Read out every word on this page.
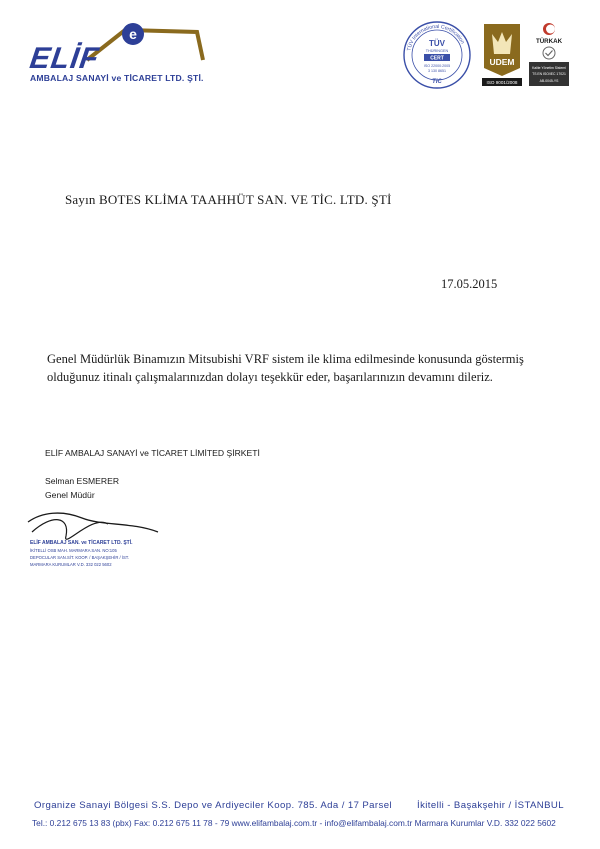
e
ELİF
AMBALAJ SANAYİ ve TİCARET LTD. ŞTİ.
TÜV International Certification
TÜV
THÜRINGEN
CERT
ISO 22000:2005
3 130 8651
TIC
UDEM
ISO 9001/2008
TÜRKAK
Kalite Yönetim Sistemi
TS EN ISO/IEC 17021
AB-0045-YS
Sayın BOTES KLİMA TAAHHÜT SAN. VE TİC. LTD. ŞTİ
17.05.2015
Genel Müdürlük Binamızın Mitsubishi VRF sistem ile klima edilmesinde konusunda göstermiş olduğunuz itinalı çalışmalarınızdan dolayı teşekkür eder, başarılarınızın devamını dileriz.
ELİF AMBALAJ SANAYİ ve TİCARET LİMİTED ŞİRKETİ
Selman ESMERER
Genel Müdür
ELİF AMBALAJ SAN. ve TİCARET LTD. ŞTİ.
İKİTELLİ OSB MAH. MARMARA SAN. NO:105
DEPOCULAR SAN.SİT. KOOP. / BAŞAKŞEHİR / İST.
MARMARA KURUMLAR V.D. 332 022 5602
Organize Sanayi Bölgesi S.S. Depo ve Ardiyeciler Koop. 785. Ada / 17 Parsel	İkitelli - Başakşehir / İSTANBUL
Tel.: 0.212 675 13 83 (pbx) Fax: 0.212 675 11 78 - 79 www.elifambalaj.com.tr - info@elifambalaj.com.tr Marmara Kurumlar V.D. 332 022 5602
